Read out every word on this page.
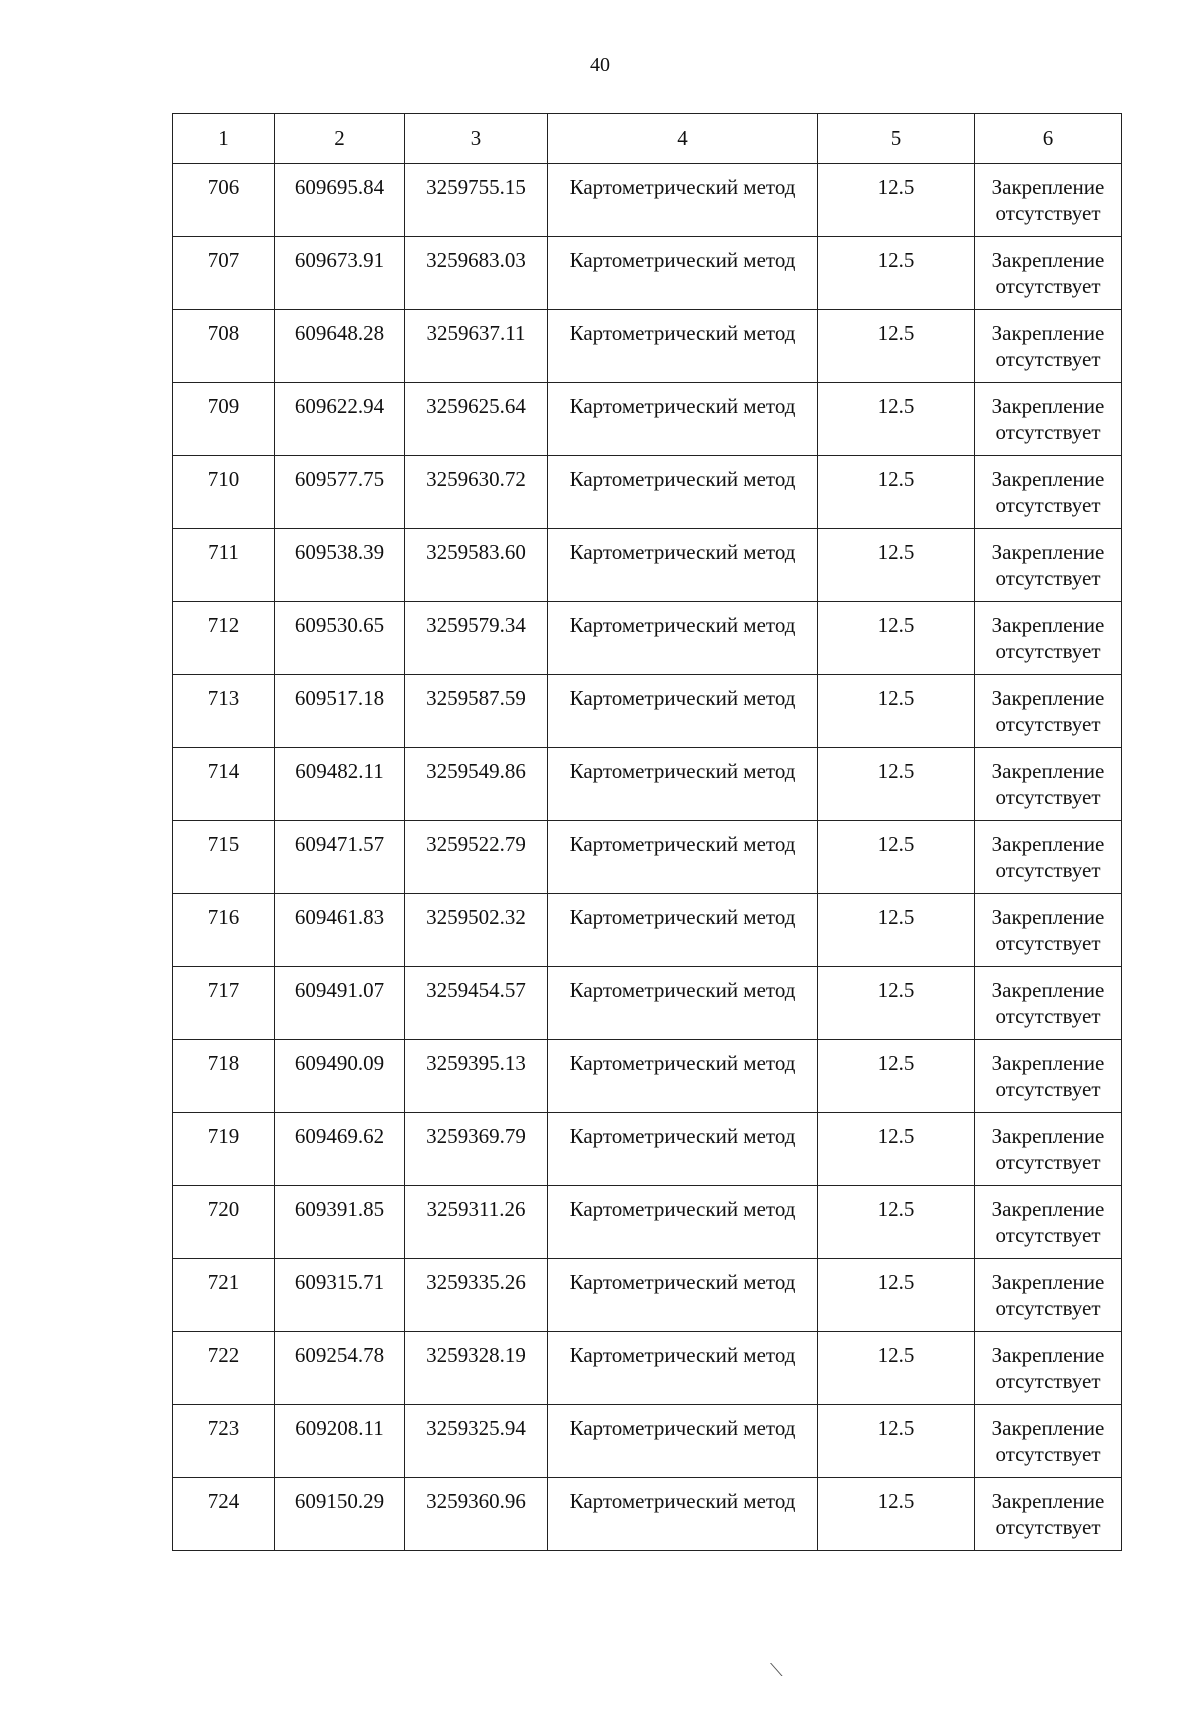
40
1	2	3	4	5	6

706	609695.84	3259755.15	Картометрический метод	12.5	Закрепление
отсутствует

707	609673.91	3259683.03	Картометрический метод	12.5	Закрепление
отсутствует

708	609648.28	3259637.11	Картометрический метод	12.5	Закрепление
отсутствует

709	609622.94	3259625.64	Картометрический метод	12.5	Закрепление
отсутствует

710	609577.75	3259630.72	Картометрический метод	12.5	Закрепление
отсутствует

711	609538.39	3259583.60	Картометрический метод	12.5	Закрепление
отсутствует

712	609530.65	3259579.34	Картометрический метод	12.5	Закрепление
отсутствует

713	609517.18	3259587.59	Картометрический метод	12.5	Закрепление
отсутствует

714	609482.11	3259549.86	Картометрический метод	12.5	Закрепление
отсутствует

715	609471.57	3259522.79	Картометрический метод	12.5	Закрепление
отсутствует

716	609461.83	3259502.32	Картометрический метод	12.5	Закрепление
отсутствует

717	609491.07	3259454.57	Картометрический метод	12.5	Закрепление
отсутствует

718	609490.09	3259395.13	Картометрический метод	12.5	Закрепление
отсутствует

719	609469.62	3259369.79	Картометрический метод	12.5	Закрепление
отсутствует

720	609391.85	3259311.26	Картометрический метод	12.5	Закрепление
отсутствует

721	609315.71	3259335.26	Картометрический метод	12.5	Закрепление
отсутствует

722	609254.78	3259328.19	Картометрический метод	12.5	Закрепление
отсутствует

723	609208.11	3259325.94	Картометрический метод	12.5	Закрепление
отсутствует

724	609150.29	3259360.96	Картометрический метод	12.5	Закрепление
отсутствует
⟍
